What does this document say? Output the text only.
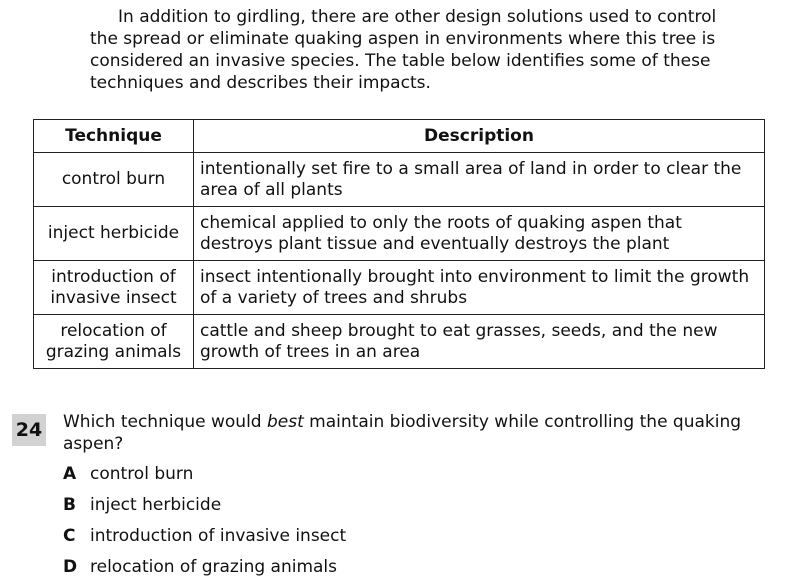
In addition to girdling, there are other design solutions used to control the spread or eliminate quaking aspen in environments where this tree is considered an invasive species. The table below identifies some of these techniques and describes their impacts.

Technique	Description
control burn	intentionally set fire to a small area of land in order to clear the area of all plants
inject herbicide	chemical applied to only the roots of quaking aspen that destroys plant tissue and eventually destroys the plant
introduction of invasive insect	insect intentionally brought into environment to limit the growth of a variety of trees and shrubs
relocation of grazing animals	cattle and sheep brought to eat grasses, seeds, and the new growth of trees in an area
24 Which technique would best maintain biodiversity while controlling the quaking aspen?

A control burn
B inject herbicide
C introduction of invasive insect
D relocation of grazing animals
